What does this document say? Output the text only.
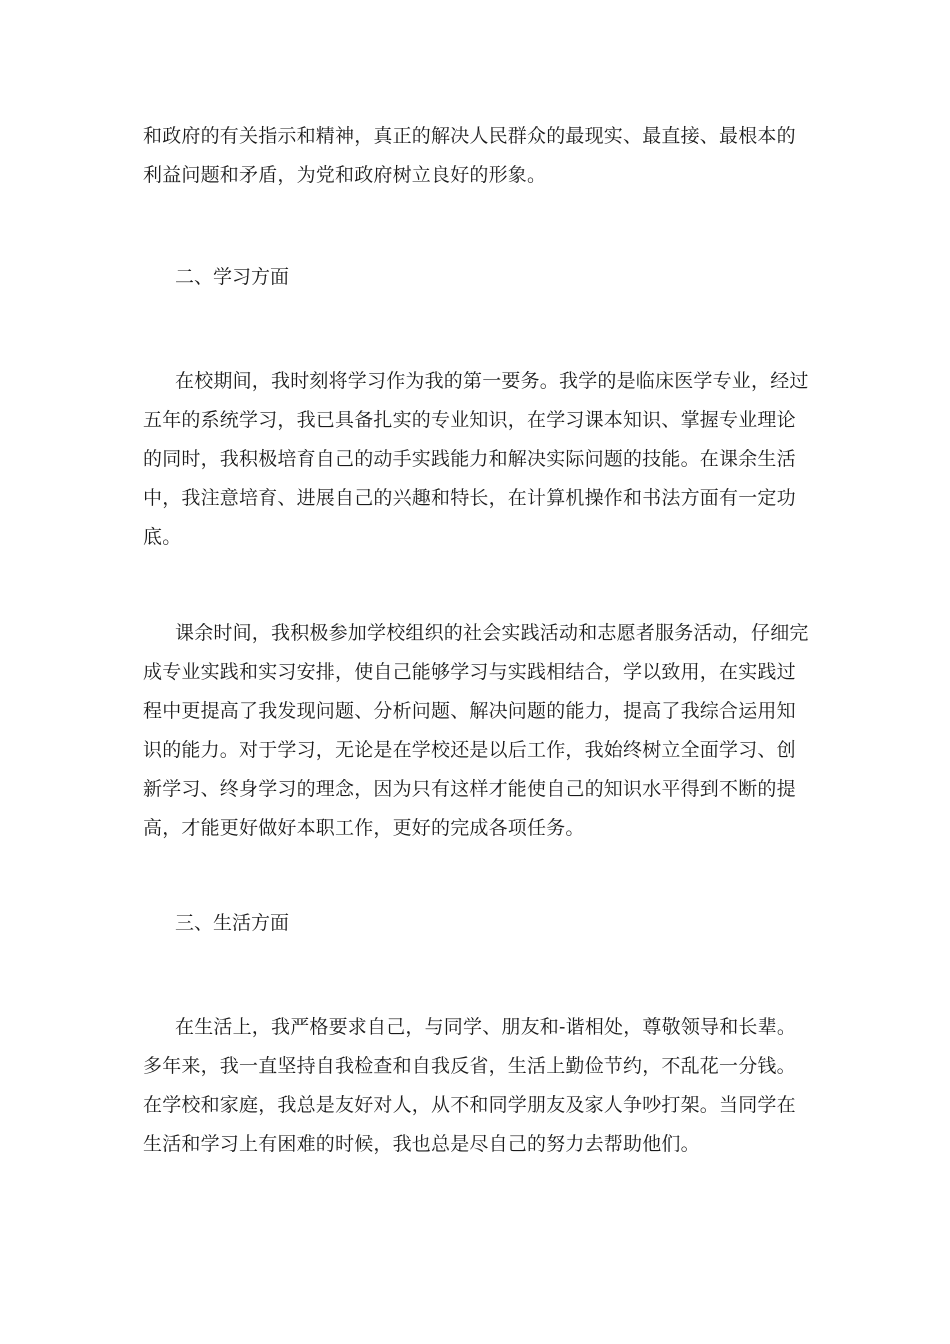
和政府的有关指示和精神，真正的解决人民群众的最现实、最直接、最根本的
利益问题和矛盾，为党和政府树立良好的形象。
二、学习方面
在校期间，我时刻将学习作为我的第一要务。我学的是临床医学专业，经过
五年的系统学习，我已具备扎实的专业知识，在学习课本知识、掌握专业理论
的同时，我积极培育自己的动手实践能力和解决实际问题的技能。在课余生活
中，我注意培育、进展自己的兴趣和特长，在计算机操作和书法方面有一定功
底。
课余时间，我积极参加学校组织的社会实践活动和志愿者服务活动，仔细完
成专业实践和实习安排，使自己能够学习与实践相结合，学以致用，在实践过
程中更提高了我发现问题、分析问题、解决问题的能力，提高了我综合运用知
识的能力。对于学习，无论是在学校还是以后工作，我始终树立全面学习、创
新学习、终身学习的理念，因为只有这样才能使自己的知识水平得到不断的提
高，才能更好做好本职工作，更好的完成各项任务。
三、生活方面
在生活上，我严格要求自己，与同学、朋友和-谐相处，尊敬领导和长辈。
多年来，我一直坚持自我检查和自我反省，生活上勤俭节约，不乱花一分钱。
在学校和家庭，我总是友好对人，从不和同学朋友及家人争吵打架。当同学在
生活和学习上有困难的时候，我也总是尽自己的努力去帮助他们。
